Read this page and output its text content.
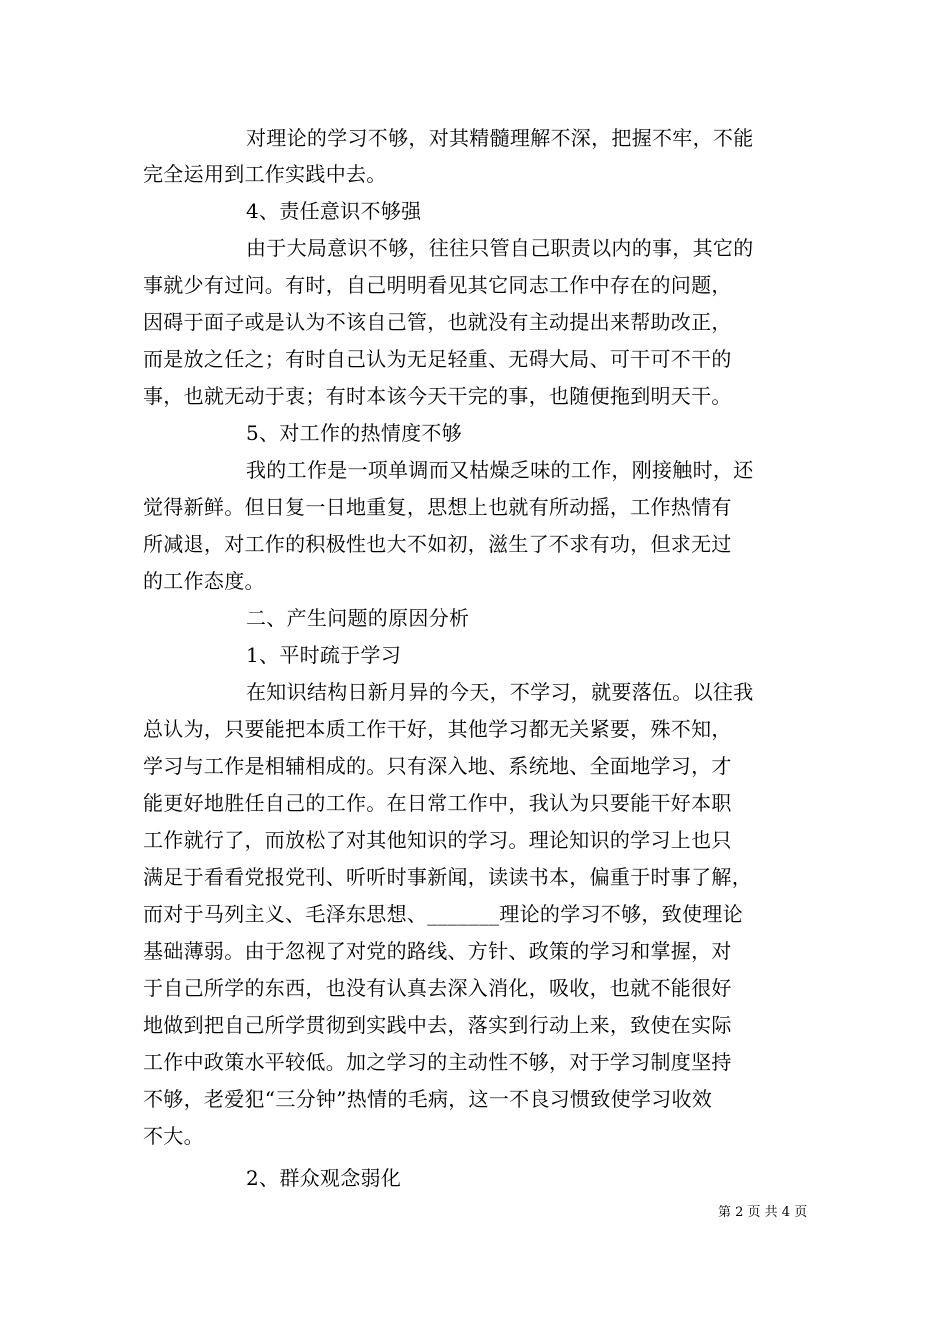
对理论的学习不够，对其精髓理解不深，把握不牢，不能
完全运用到工作实践中去。
4、责任意识不够强
由于大局意识不够，往往只管自己职责以内的事，其它的
事就少有过问。有时，自己明明看见其它同志工作中存在的问题，
因碍于面子或是认为不该自己管，也就没有主动提出来帮助改正，
而是放之任之；有时自己认为无足轻重、无碍大局、可干可不干的
事，也就无动于衷；有时本该今天干完的事，也随便拖到明天干。
5、对工作的热情度不够
我的工作是一项单调而又枯燥乏味的工作，刚接触时，还
觉得新鲜。但日复一日地重复，思想上也就有所动摇，工作热情有
所减退，对工作的积极性也大不如初，滋生了不求有功，但求无过
的工作态度。
二、产生问题的原因分析
1、平时疏于学习
在知识结构日新月异的今天，不学习，就要落伍。以往我
总认为，只要能把本质工作干好，其他学习都无关紧要，殊不知，
学习与工作是相辅相成的。只有深入地、系统地、全面地学习，才
能更好地胜任自己的工作。在日常工作中，我认为只要能干好本职
工作就行了，而放松了对其他知识的学习。理论知识的学习上也只
满足于看看党报党刊、听听时事新闻，读读书本，偏重于时事了解，
而对于马列主义、毛泽东思想、_______理论的学习不够，致使理论
基础薄弱。由于忽视了对党的路线、方针、政策的学习和掌握，对
于自己所学的东西，也没有认真去深入消化，吸收，也就不能很好
地做到把自己所学贯彻到实践中去，落实到行动上来，致使在实际
工作中政策水平较低。加之学习的主动性不够，对于学习制度坚持
不够，老爱犯“三分钟”热情的毛病，这一不良习惯致使学习收效
不大。
2、群众观念弱化
第 2 页 共 4 页
